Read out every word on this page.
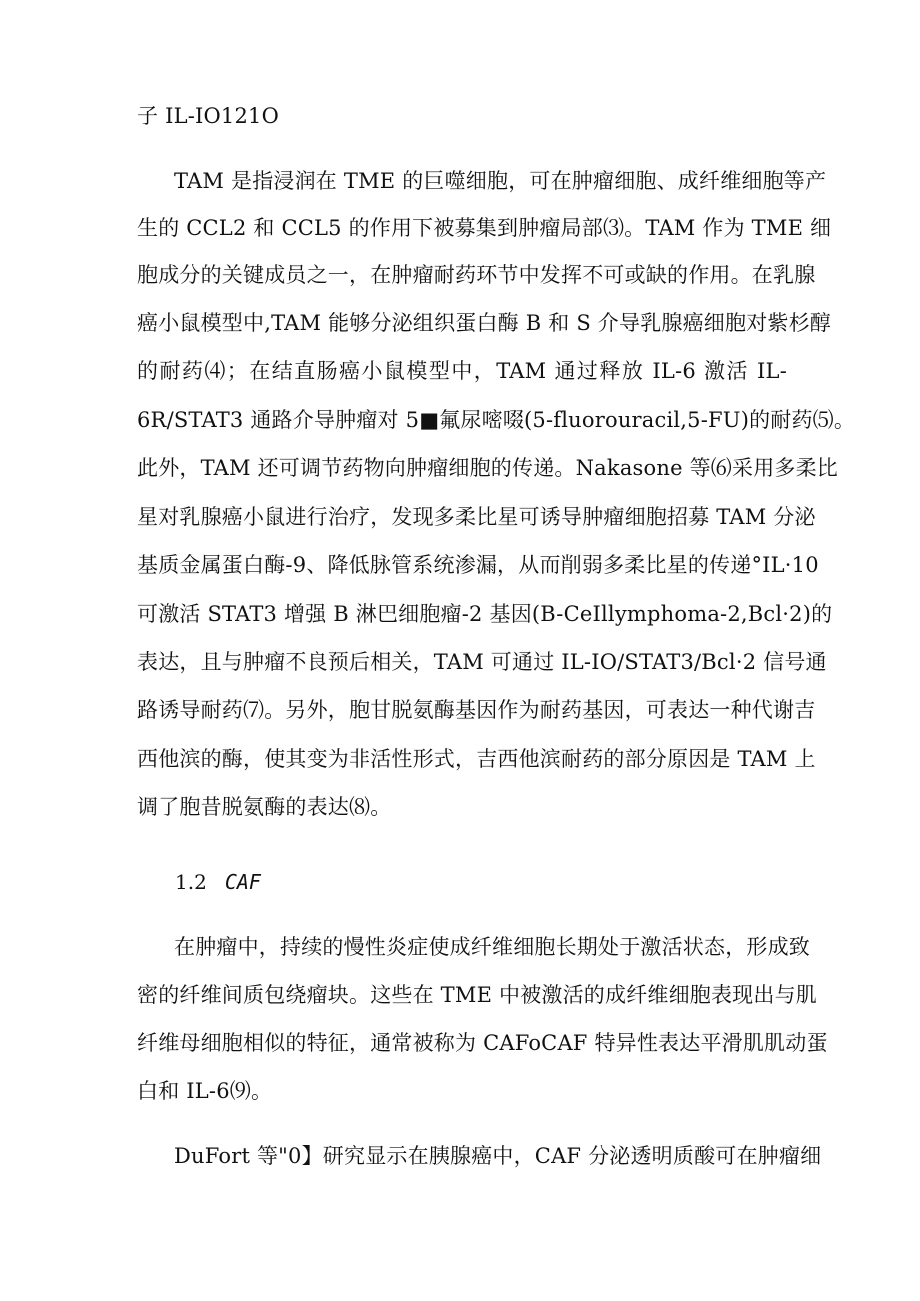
子 IL-IO121O
TAM 是指浸润在 TME 的巨噬细胞，可在肿瘤细胞、成纤维细胞等产
生的 CCL2 和 CCL5 的作用下被募集到肿瘤局部⑶。TAM 作为 TME 细
胞成分的关键成员之一，在肿瘤耐药环节中发挥不可或缺的作用。在乳腺
癌小鼠模型中,TAM 能够分泌组织蛋白酶 B 和 S 介导乳腺癌细胞对紫杉醇
的耐药⑷；在结直肠癌小鼠模型中，TAM 通过释放 IL-6 激活 IL-
6R/STAT3 通路介导肿瘤对 5■氟尿嘧啜(5-fluorouracil,5-FU)的耐药⑸。
此外，TAM 还可调节药物向肿瘤细胞的传递。Nakasone 等⑹采用多柔比
星对乳腺癌小鼠进行治疗，发现多柔比星可诱导肿瘤细胞招募 TAM 分泌
基质金属蛋白酶-9、降低脉管系统渗漏，从而削弱多柔比星的传递°IL·10
可激活 STAT3 增强 B 淋巴细胞瘤-2 基因(B-CeIllymphoma-2,Bcl·2)的
表达，且与肿瘤不良预后相关，TAM 可通过 IL-IO∕STAT3∕Bcl·2 信号通
路诱导耐药⑺。另外，胞甘脱氨酶基因作为耐药基因，可表达一种代谢吉
西他滨的酶，使其变为非活性形式，吉西他滨耐药的部分原因是 TAM 上
调了胞昔脱氨酶的表达⑻。
1.2 CAF
在肿瘤中，持续的慢性炎症使成纤维细胞长期处于激活状态，形成致
密的纤维间质包绕瘤块。这些在 TME 中被激活的成纤维细胞表现出与肌
纤维母细胞相似的特征，通常被称为 CAFoCAF 特异性表达平滑肌肌动蛋
白和 IL-6⑼。
DuFort 等"0】研究显示在胰腺癌中，CAF 分泌透明质酸可在肿瘤细
